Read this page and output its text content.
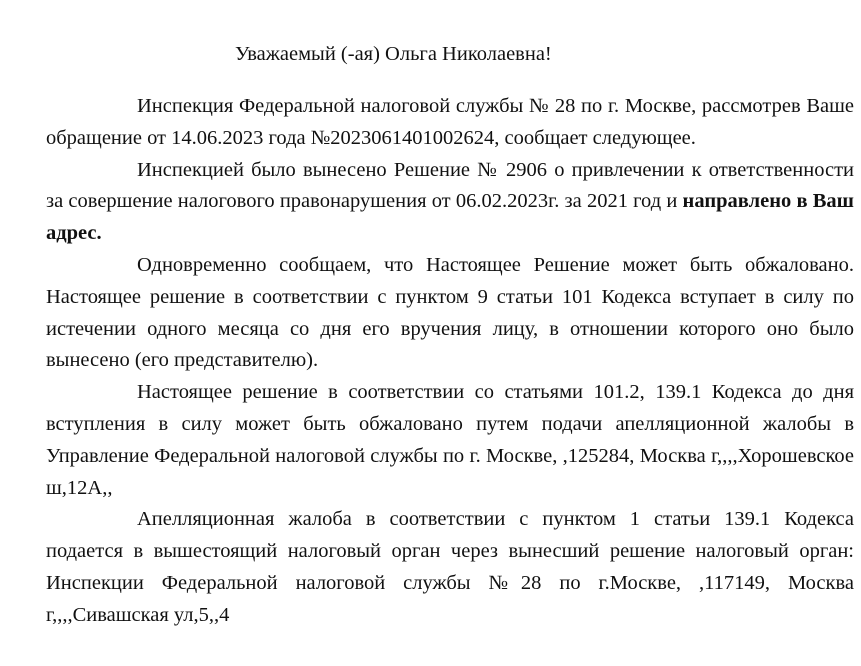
Уважаемый (-ая) Ольга Николаевна!

Инспекция Федеральной налоговой службы № 28 по г. Москве, рассмотрев Ваше обращение от 14.06.2023 года №2023061401002624, сообщает следующее.

Инспекцией было вынесено Решение № 2906 о привлечении к ответственности за совершение налогового правонарушения от 06.02.2023г. за 2021 год и направлено в Ваш адрес.

Одновременно сообщаем, что Настоящее Решение может быть обжаловано. Настоящее решение в соответствии с пунктом 9 статьи 101 Кодекса вступает в силу по истечении одного месяца со дня его вручения лицу, в отношении которого оно было вынесено (его представителю).

Настоящее решение в соответствии со статьями 101.2, 139.1 Кодекса до дня вступления в силу может быть обжаловано путем подачи апелляционной жалобы в Управление Федеральной налоговой службы по г. Москве, ,125284, Москва г,,,,Хорошевское ш,12А,,

Апелляционная жалоба в соответствии с пунктом 1 статьи 139.1 Кодекса подается в вышестоящий налоговый орган через вынесший решение налоговый орган: Инспекции Федеральной налоговой службы №28 по г.Москве, ,117149, Москва г,,,,Сивашская ул,5,,4
